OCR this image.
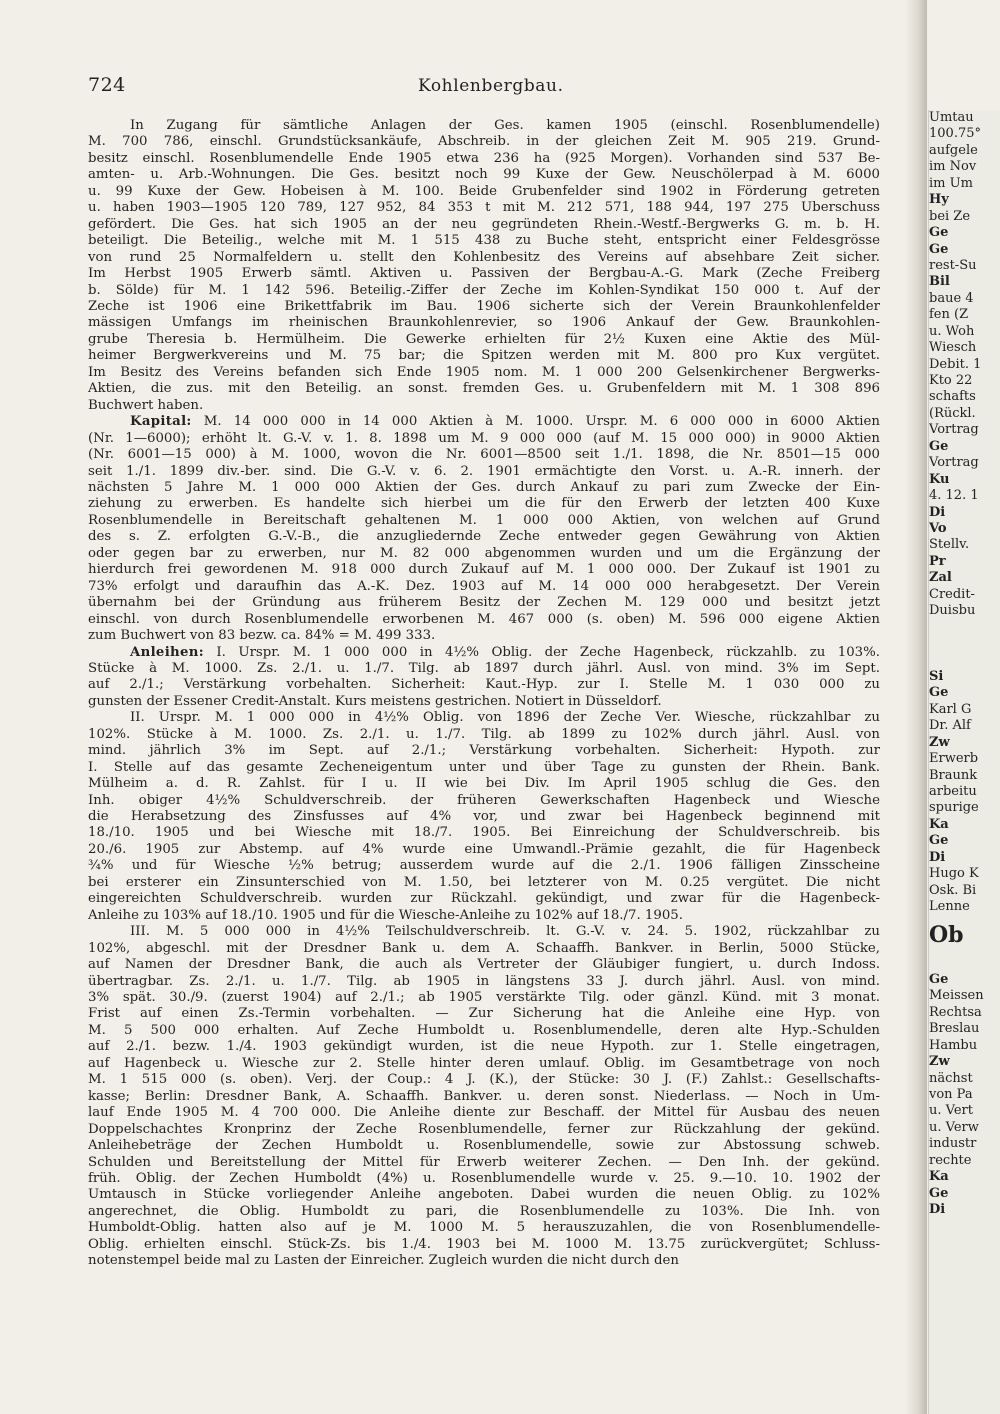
724	Kohlenbergbau.
In Zugang für sämtliche Anlagen der Ges. kamen 1905 (einschl. Rosenblumendelle)
M. 700 786, einschl. Grundstücksankäufe, Abschreib. in der gleichen Zeit M. 905 219. Grund-
besitz einschl. Rosenblumendelle Ende 1905 etwa 236 ha (925 Morgen). Vorhanden sind 537 Be-
amten- u. Arb.-Wohnungen. Die Ges. besitzt noch 99 Kuxe der Gew. Neuschölerpad à M. 6000
u. 99 Kuxe der Gew. Hobeisen à M. 100. Beide Grubenfelder sind 1902 in Förderung getreten
u. haben 1903—1905 120 789, 127 952, 84 353 t mit M. 212 571, 188 944, 197 275 Überschuss
gefördert. Die Ges. hat sich 1905 an der neu gegründeten Rhein.-Westf.-Bergwerks G. m. b. H.
beteiligt. Die Beteilig., welche mit M. 1 515 438 zu Buche steht, entspricht einer Feldesgrösse
von rund 25 Normalfeldern u. stellt den Kohlenbesitz des Vereins auf absehbare Zeit sicher.
Im Herbst 1905 Erwerb sämtl. Aktiven u. Passiven der Bergbau-A.-G. Mark (Zeche Freiberg
b. Sölde) für M. 1 142 596. Beteilig.-Ziffer der Zeche im Kohlen-Syndikat 150 000 t. Auf der
Zeche ist 1906 eine Brikettfabrik im Bau. 1906 sicherte sich der Verein Braunkohlenfelder
mässigen Umfangs im rheinischen Braunkohlenrevier, so 1906 Ankauf der Gew. Braunkohlen-
grube Theresia b. Hermülheim. Die Gewerke erhielten für 2½ Kuxen eine Aktie des Mül-
heimer Bergwerkvereins und M. 75 bar; die Spitzen werden mit M. 800 pro Kux vergütet.
Im Besitz des Vereins befanden sich Ende 1905 nom. M. 1 000 200 Gelsenkirchener Bergwerks-
Aktien, die zus. mit den Beteilig. an sonst. fremden Ges. u. Grubenfeldern mit M. 1 308 896
Buchwert haben.
Kapital: M. 14 000 000 in 14 000 Aktien à M. 1000. Urspr. M. 6 000 000 in 6000 Aktien
(Nr. 1—6000); erhöht lt. G.-V. v. 1. 8. 1898 um M. 9 000 000 (auf M. 15 000 000) in 9000 Aktien
(Nr. 6001—15 000) à M. 1000, wovon die Nr. 6001—8500 seit 1./1. 1898, die Nr. 8501—15 000
seit 1./1. 1899 div.-ber. sind. Die G.-V. v. 6. 2. 1901 ermächtigte den Vorst. u. A.-R. innerh. der
nächsten 5 Jahre M. 1 000 000 Aktien der Ges. durch Ankauf zu pari zum Zwecke der Ein-
ziehung zu erwerben. Es handelte sich hierbei um die für den Erwerb der letzten 400 Kuxe
Rosenblumendelle in Bereitschaft gehaltenen M. 1 000 000 Aktien, von welchen auf Grund
des s. Z. erfolgten G.-V.-B., die anzugliedernde Zeche entweder gegen Gewährung von Aktien
oder gegen bar zu erwerben, nur M. 82 000 abgenommen wurden und um die Ergänzung der
hierdurch frei gewordenen M. 918 000 durch Zukauf auf M. 1 000 000. Der Zukauf ist 1901 zu
73% erfolgt und daraufhin das A.-K. Dez. 1903 auf M. 14 000 000 herabgesetzt. Der Verein
übernahm bei der Gründung aus früherem Besitz der Zechen M. 129 000 und besitzt jetzt
einschl. von durch Rosenblumendelle erworbenen M. 467 000 (s. oben) M. 596 000 eigene Aktien
zum Buchwert von 83 bezw. ca. 84% = M. 499 333.
Anleihen: I. Urspr. M. 1 000 000 in 4½% Oblig. der Zeche Hagenbeck, rückzahlb. zu 103%.
Stücke à M. 1000. Zs. 2./1. u. 1./7. Tilg. ab 1897 durch jährl. Ausl. von mind. 3% im Sept.
auf 2./1.; Verstärkung vorbehalten. Sicherheit: Kaut.-Hyp. zur I. Stelle M. 1 030 000 zu
gunsten der Essener Credit-Anstalt. Kurs meistens gestrichen. Notiert in Düsseldorf.
II. Urspr. M. 1 000 000 in 4½% Oblig. von 1896 der Zeche Ver. Wiesche, rückzahlbar zu
102%. Stücke à M. 1000. Zs. 2./1. u. 1./7. Tilg. ab 1899 zu 102% durch jährl. Ausl. von
mind. jährlich 3% im Sept. auf 2./1.; Verstärkung vorbehalten. Sicherheit: Hypoth. zur
I. Stelle auf das gesamte Zecheneigentum unter und über Tage zu gunsten der Rhein. Bank.
Mülheim a. d. R. Zahlst. für I u. II wie bei Div. Im April 1905 schlug die Ges. den
Inh. obiger 4½% Schuldverschreib. der früheren Gewerkschaften Hagenbeck und Wiesche
die Herabsetzung des Zinsfusses auf 4% vor, und zwar bei Hagenbeck beginnend mit
18./10. 1905 und bei Wiesche mit 18./7. 1905. Bei Einreichung der Schuldverschreib. bis
20./6. 1905 zur Abstemp. auf 4% wurde eine Umwandl.-Prämie gezahlt, die für Hagenbeck
¾% und für Wiesche ½% betrug; ausserdem wurde auf die 2./1. 1906 fälligen Zinsscheine
bei ersterer ein Zinsunterschied von M. 1.50, bei letzterer von M. 0.25 vergütet. Die nicht
eingereichten Schuldverschreib. wurden zur Rückzahl. gekündigt, und zwar für die Hagenbeck-
Anleihe zu 103% auf 18./10. 1905 und für die Wiesche-Anleihe zu 102% auf 18./7. 1905.
III. M. 5 000 000 in 4½% Teilschuldverschreib. lt. G.-V. v. 24. 5. 1902, rückzahlbar zu
102%, abgeschl. mit der Dresdner Bank u. dem A. Schaaffh. Bankver. in Berlin, 5000 Stücke,
auf Namen der Dresdner Bank, die auch als Vertreter der Gläubiger fungiert, u. durch Indoss.
übertragbar. Zs. 2./1. u. 1./7. Tilg. ab 1905 in längstens 33 J. durch jährl. Ausl. von mind.
3% spät. 30./9. (zuerst 1904) auf 2./1.; ab 1905 verstärkte Tilg. oder gänzl. Künd. mit 3 monat.
Frist auf einen Zs.-Termin vorbehalten. — Zur Sicherung hat die Anleihe eine Hyp. von
M. 5 500 000 erhalten. Auf Zeche Humboldt u. Rosenblumendelle, deren alte Hyp.-Schulden
auf 2./1. bezw. 1./4. 1903 gekündigt wurden, ist die neue Hypoth. zur 1. Stelle eingetragen,
auf Hagenbeck u. Wiesche zur 2. Stelle hinter deren umlauf. Oblig. im Gesamtbetrage von noch
M. 1 515 000 (s. oben). Verj. der Coup.: 4 J. (K.), der Stücke: 30 J. (F.) Zahlst.: Gesellschafts-
kasse; Berlin: Dresdner Bank, A. Schaaffh. Bankver. u. deren sonst. Niederlass. — Noch in Um-
lauf Ende 1905 M. 4 700 000. Die Anleihe diente zur Beschaff. der Mittel für Ausbau des neuen
Doppelschachtes Kronprinz der Zeche Rosenblumendelle, ferner zur Rückzahlung der gekünd.
Anleihebeträge der Zechen Humboldt u. Rosenblumendelle, sowie zur Abstossung schweb.
Schulden und Bereitstellung der Mittel für Erwerb weiterer Zechen. — Den Inh. der gekünd.
früh. Oblig. der Zechen Humboldt (4%) u. Rosenblumendelle wurde v. 25. 9.—10. 10. 1902 der
Umtausch in Stücke vorliegender Anleihe angeboten. Dabei wurden die neuen Oblig. zu 102%
angerechnet, die Oblig. Humboldt zu pari, die Rosenblumendelle zu 103%. Die Inh. von
Humboldt-Oblig. hatten also auf je M. 1000 M. 5 herauszuzahlen, die von Rosenblumendelle-
Oblig. erhielten einschl. Stück-Zs. bis 1./4. 1903 bei M. 1000 M. 13.75 zurückvergütet; Schluss-
notenstempel beide mal zu Lasten der Einreicher. Zugleich wurden die nicht durch den
Umtau
100.75°
aufgele
im Nov
im Um
Hy
bei Ze
Ge
Ge
rest-Su
Bil
baue 4
fen (Z
u. Woh
Wiesch
Debit. 1
Kto 22
schafts
(Rückl.
Vortrag
Ge
Vortrag
Ku
4. 12. 1
Di
Vo
Stellv.
Pr
Zal
Credit-
Duisbu

Si
Ge
Karl G
Dr. Alf
Zw
Erwerb
Braunk
arbeitu
spurige
Ka
Ge
Di
Hugo K
Osk. Bi
Lenne
Ob

Ge
Meissen
Rechtsa
Breslau
Hambu
Zw
nächst
von Pa
u. Vert
u. Verw
industr
rechte
Ka
Ge
Di
